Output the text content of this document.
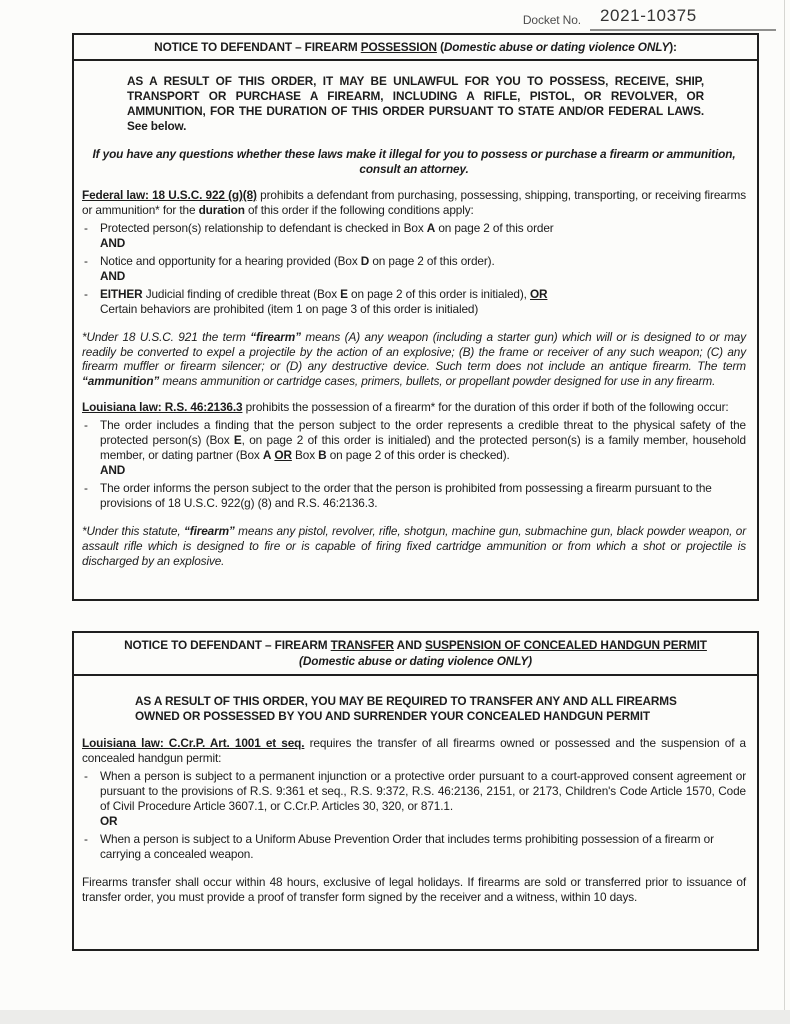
Docket No.	2021-10375
NOTICE TO DEFENDANT – FIREARM POSSESSION (Domestic abuse or dating violence ONLY):

AS A RESULT OF THIS ORDER, IT MAY BE UNLAWFUL FOR YOU TO POSSESS, RECEIVE, SHIP, TRANSPORT OR PURCHASE A FIREARM, INCLUDING A RIFLE, PISTOL, OR REVOLVER, OR AMMUNITION, FOR THE DURATION OF THIS ORDER PURSUANT TO STATE AND/OR FEDERAL LAWS. See below.

If you have any questions whether these laws make it illegal for you to possess or purchase a firearm or ammunition, consult an attorney.

Federal law: 18 U.S.C. 922 (g)(8) prohibits a defendant from purchasing, possessing, shipping, transporting, or receiving firearms or ammunition* for the duration of this order if the following conditions apply:

-	Protected person(s) relationship to defendant is checked in Box A on page 2 of this order
AND
-	Notice and opportunity for a hearing provided (Box D on page 2 of this order).
AND
-	EITHER Judicial finding of credible threat (Box E on page 2 of this order is initialed), OR
Certain behaviors are prohibited (item 1 on page 3 of this order is initialed)

*Under 18 U.S.C. 921 the term “firearm” means (A) any weapon (including a starter gun) which will or is designed to or may readily be converted to expel a projectile by the action of an explosive; (B) the frame or receiver of any such weapon; (C) any firearm muffler or firearm silencer; or (D) any destructive device. Such term does not include an antique firearm. The term “ammunition” means ammunition or cartridge cases, primers, bullets, or propellant powder designed for use in any firearm.

Louisiana law: R.S. 46:2136.3 prohibits the possession of a firearm* for the duration of this order if both of the following occur:

-	The order includes a finding that the person subject to the order represents a credible threat to the physical safety of the protected person(s) (Box E, on page 2 of this order is initialed) and the protected person(s) is a family member, household member, or dating partner (Box A OR Box B on page 2 of this order is checked).
AND
-	The order informs the person subject to the order that the person is prohibited from possessing a firearm pursuant to the provisions of 18 U.S.C. 922(g) (8) and R.S. 46:2136.3.

*Under this statute, “firearm” means any pistol, revolver, rifle, shotgun, machine gun, submachine gun, black powder weapon, or assault rifle which is designed to fire or is capable of firing fixed cartridge ammunition or from which a shot or projectile is discharged by an explosive.

NOTICE TO DEFENDANT – FIREARM TRANSFER AND SUSPENSION OF CONCEALED HANDGUN PERMIT
(Domestic abuse or dating violence ONLY)

AS A RESULT OF THIS ORDER, YOU MAY BE REQUIRED TO TRANSFER ANY AND ALL FIREARMS OWNED OR POSSESSED BY YOU AND SURRENDER YOUR CONCEALED HANDGUN PERMIT

Louisiana law: C.Cr.P. Art. 1001 et seq. requires the transfer of all firearms owned or possessed and the suspension of a concealed handgun permit:

-	When a person is subject to a permanent injunction or a protective order pursuant to a court-approved consent agreement or pursuant to the provisions of R.S. 9:361 et seq., R.S. 9:372, R.S. 46:2136, 2151, or 2173, Children's Code Article 1570, Code of Civil Procedure Article 3607.1, or C.Cr.P. Articles 30, 320, or 871.1.
OR
-	When a person is subject to a Uniform Abuse Prevention Order that includes terms prohibiting possession of a firearm or carrying a concealed weapon.

Firearms transfer shall occur within 48 hours, exclusive of legal holidays. If firearms are sold or transferred prior to issuance of transfer order, you must provide a proof of transfer form signed by the receiver and a witness, within 10 days.
